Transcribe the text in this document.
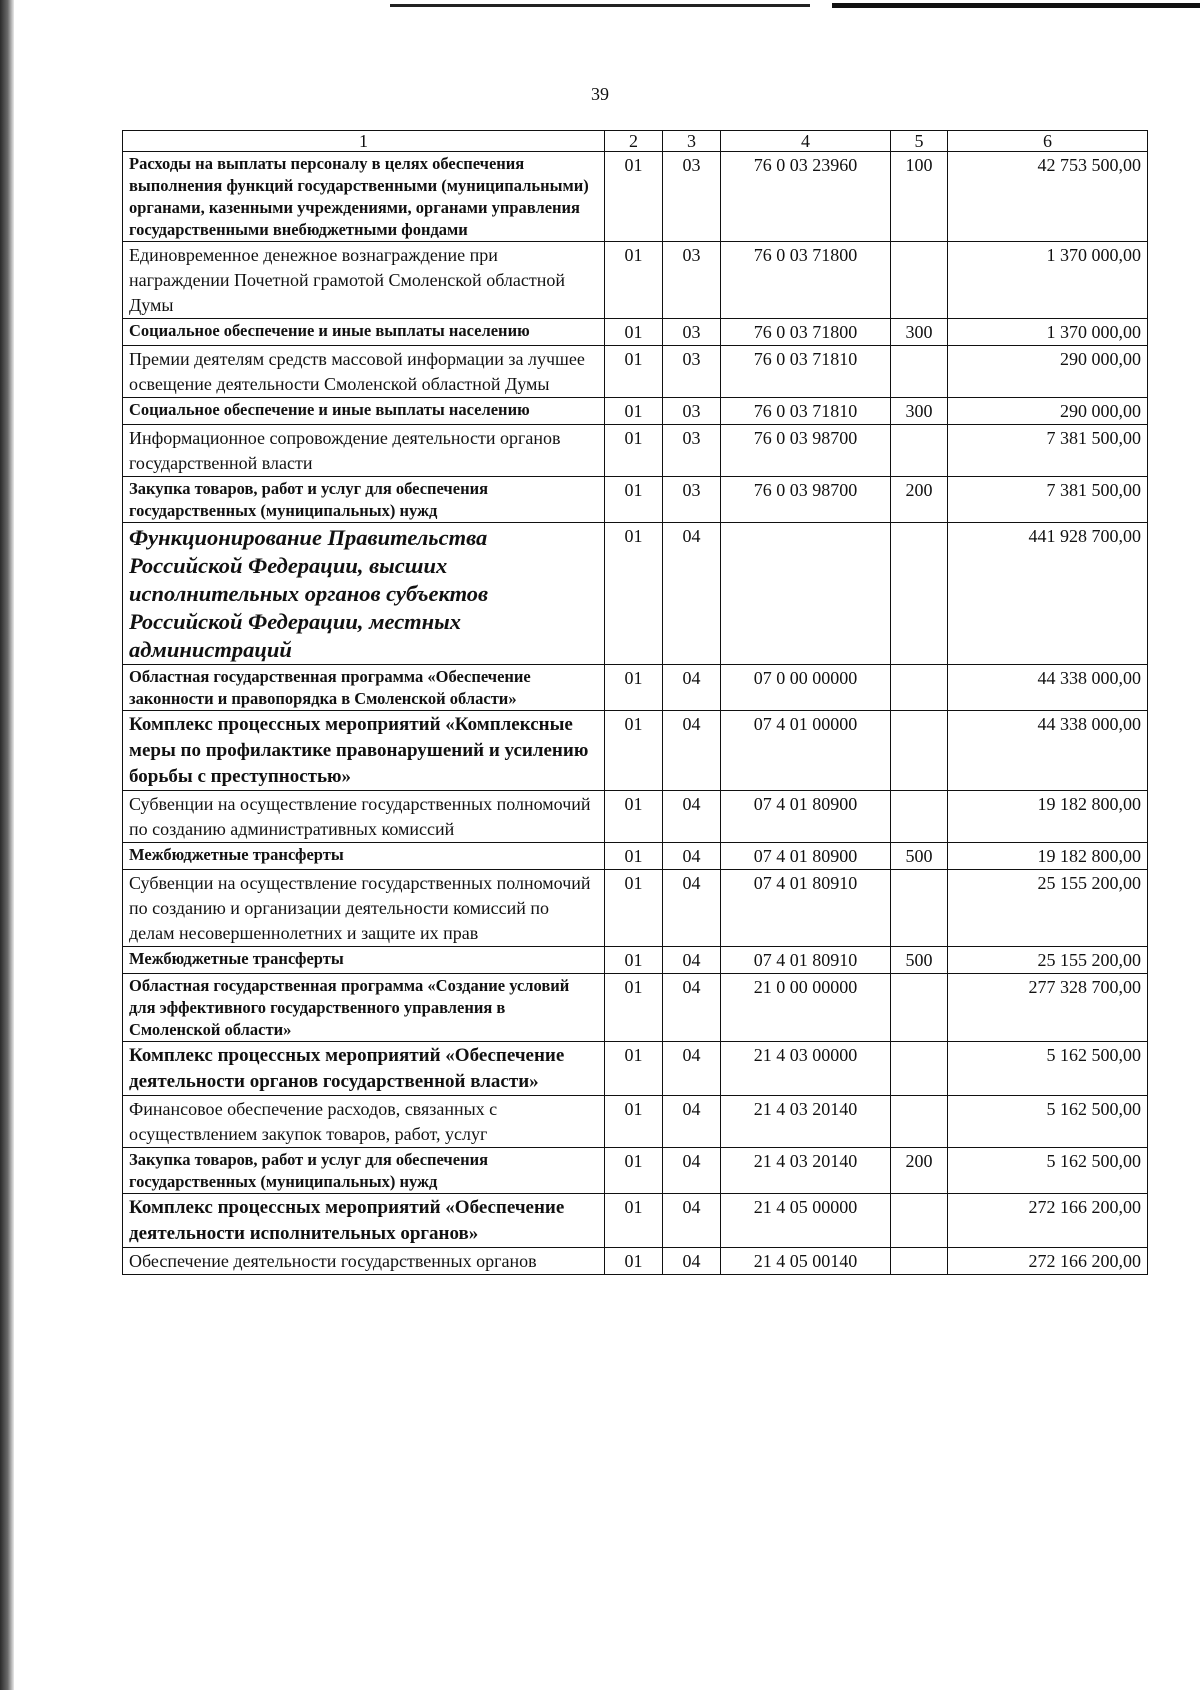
39
1	2	3	4	5	6
Расходы на выплаты персоналу в целях обеспечения выполнения функций государственными (муниципальными) органами, казенными учреждениями, органами управления государственными внебюджетными фондами	01	03	76 0 03 23960	100	42 753 500,00
Единовременное денежное вознаграждение при награждении Почетной грамотой Смоленской областной Думы	01	03	76 0 03 71800		1 370 000,00
Социальное обеспечение и иные выплаты населению	01	03	76 0 03 71800	300	1 370 000,00
Премии деятелям средств массовой информации за лучшее освещение деятельности Смоленской областной Думы	01	03	76 0 03 71810		290 000,00
Социальное обеспечение и иные выплаты населению	01	03	76 0 03 71810	300	290 000,00
Информационное сопровождение деятельности органов государственной власти	01	03	76 0 03 98700		7 381 500,00
Закупка товаров, работ и услуг для обеспечения государственных (муниципальных) нужд	01	03	76 0 03 98700	200	7 381 500,00
Функционирование Правительства Российской Федерации, высших исполнительных органов субъектов Российской Федерации, местных администраций	01	04			441 928 700,00
Областная государственная программа «Обеспечение законности и правопорядка в Смоленской области»	01	04	07 0 00 00000		44 338 000,00
Комплекс процессных мероприятий «Комплексные меры по профилактике правонарушений и усилению борьбы с преступностью»	01	04	07 4 01 00000		44 338 000,00
Субвенции на осуществление государственных полномочий по созданию административных комиссий	01	04	07 4 01 80900		19 182 800,00
Межбюджетные трансферты	01	04	07 4 01 80900	500	19 182 800,00
Субвенции на осуществление государственных полномочий по созданию и организации деятельности комиссий по делам несовершеннолетних и защите их прав	01	04	07 4 01 80910		25 155 200,00
Межбюджетные трансферты	01	04	07 4 01 80910	500	25 155 200,00
Областная государственная программа «Создание условий для эффективного государственного управления в Смоленской области»	01	04	21 0 00 00000		277 328 700,00
Комплекс процессных мероприятий «Обеспечение деятельности органов государственной власти»	01	04	21 4 03 00000		5 162 500,00
Финансовое обеспечение расходов, связанных с осуществлением закупок товаров, работ, услуг	01	04	21 4 03 20140		5 162 500,00
Закупка товаров, работ и услуг для обеспечения государственных (муниципальных) нужд	01	04	21 4 03 20140	200	5 162 500,00
Комплекс процессных мероприятий «Обеспечение деятельности исполнительных органов»	01	04	21 4 05 00000		272 166 200,00
Обеспечение деятельности государственных органов	01	04	21 4 05 00140		272 166 200,00
